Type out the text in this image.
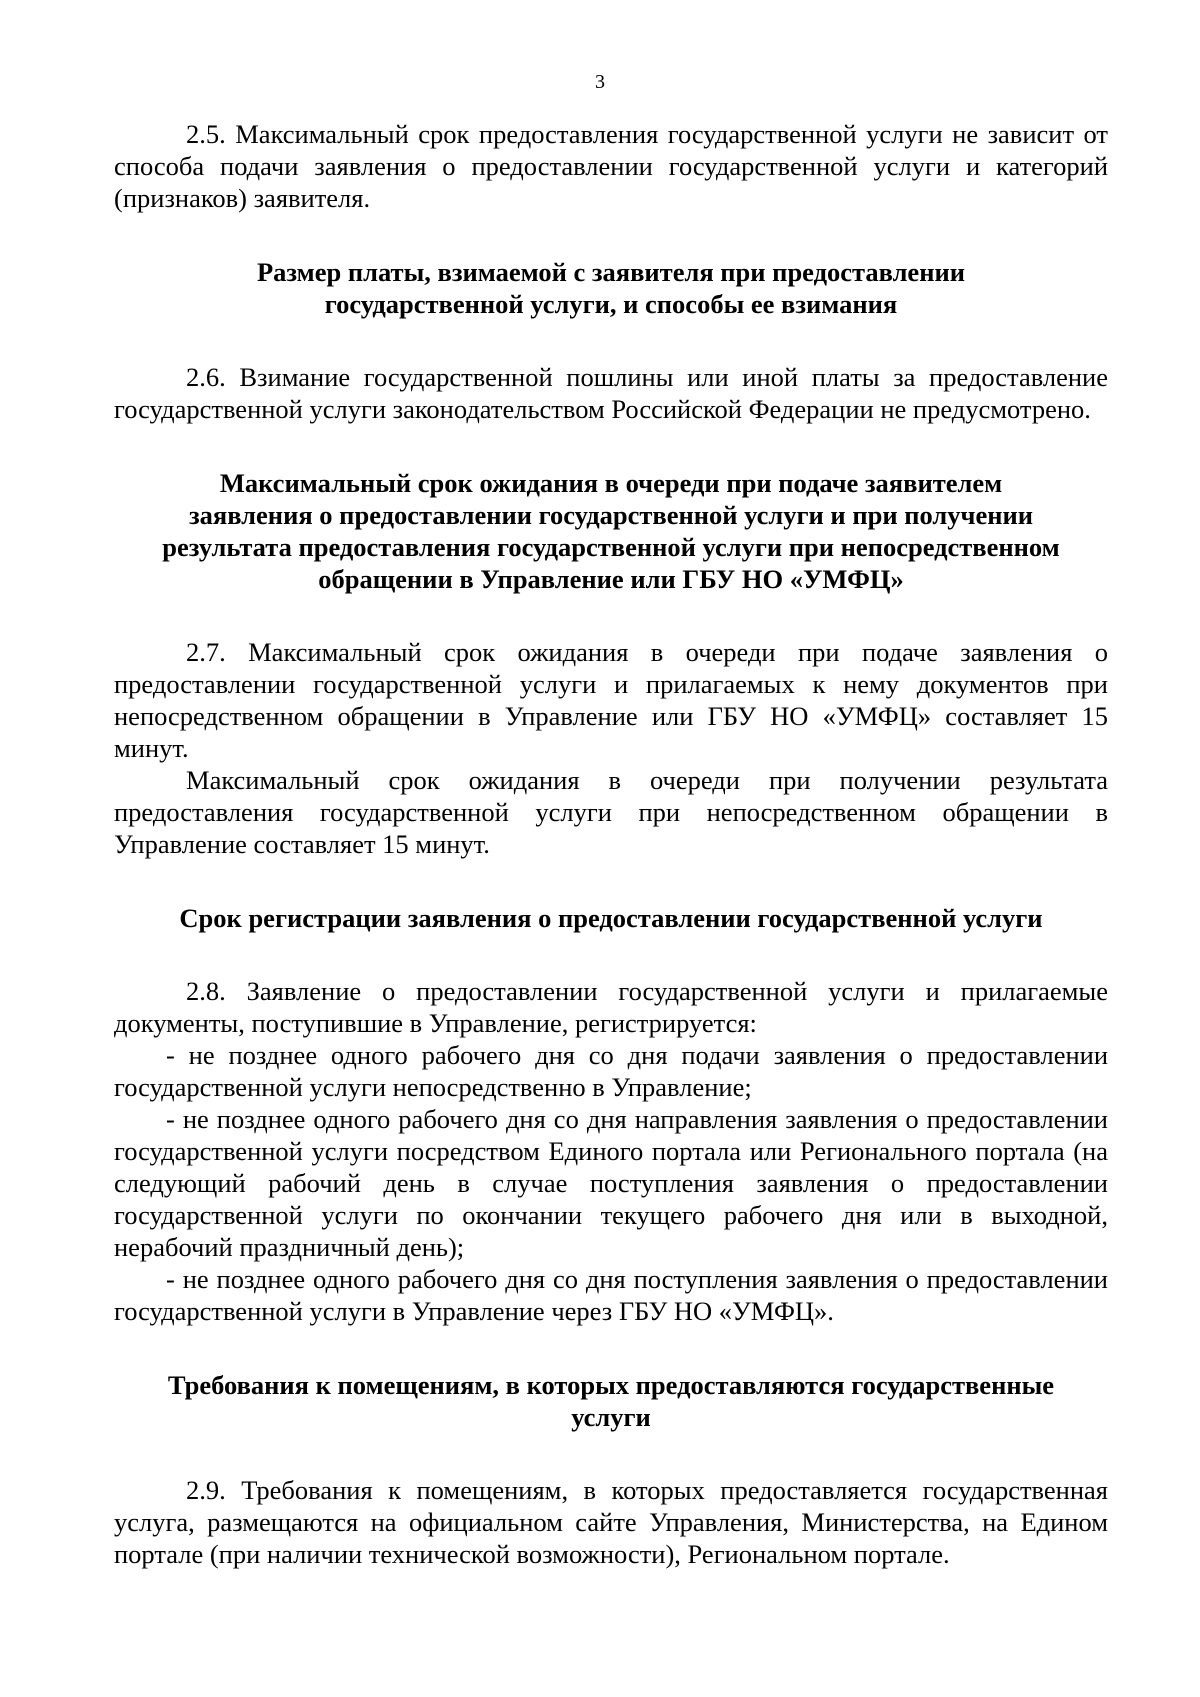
3

2.5. Максимальный срок предоставления государственной услуги не зависит от способа подачи заявления о предоставлении государственной услуги и категорий (признаков) заявителя.

Размер платы, взимаемой с заявителя при предоставлении

государственной услуги, и способы ее взимания

2.6. Взимание государственной пошлины или иной платы за предоставление государственной услуги законодательством Российской Федерации не предусмотрено.

Максимальный срок ожидания в очереди при подаче заявителем

заявления о предоставлении государственной услуги и при получении

результата предоставления государственной услуги при непосредственном

обращении в Управление или ГБУ НО «УМФЦ»

2.7. Максимальный срок ожидания в очереди при подаче заявления о предоставлении государственной услуги и прилагаемых к нему документов при непосредственном обращении в Управление или ГБУ НО «УМФЦ» составляет 15 минут.

Максимальный срок ожидания в очереди при получении результата предоставления государственной услуги при непосредственном обращении в Управление составляет 15 минут.

Срок регистрации заявления о предоставлении государственной услуги

2.8. Заявление о предоставлении государственной услуги и прилагаемые документы, поступившие в Управление, регистрируется:

- не позднее одного рабочего дня со дня подачи заявления о предоставлении государственной услуги непосредственно в Управление;

- не позднее одного рабочего дня со дня направления заявления о предоставлении государственной услуги посредством Единого портала или Регионального портала (на следующий рабочий день в случае поступления заявления о предоставлении государственной услуги по окончании текущего рабочего дня или в выходной, нерабочий праздничный день);

- не позднее одного рабочего дня со дня поступления заявления о предоставлении государственной услуги в Управление через ГБУ НО «УМФЦ».

Требования к помещениям, в которых предоставляются государственные

услуги

2.9. Требования к помещениям, в которых предоставляется государственная услуга, размещаются на официальном сайте Управления, Министерства, на Едином портале (при наличии технической возможности), Региональном портале.
